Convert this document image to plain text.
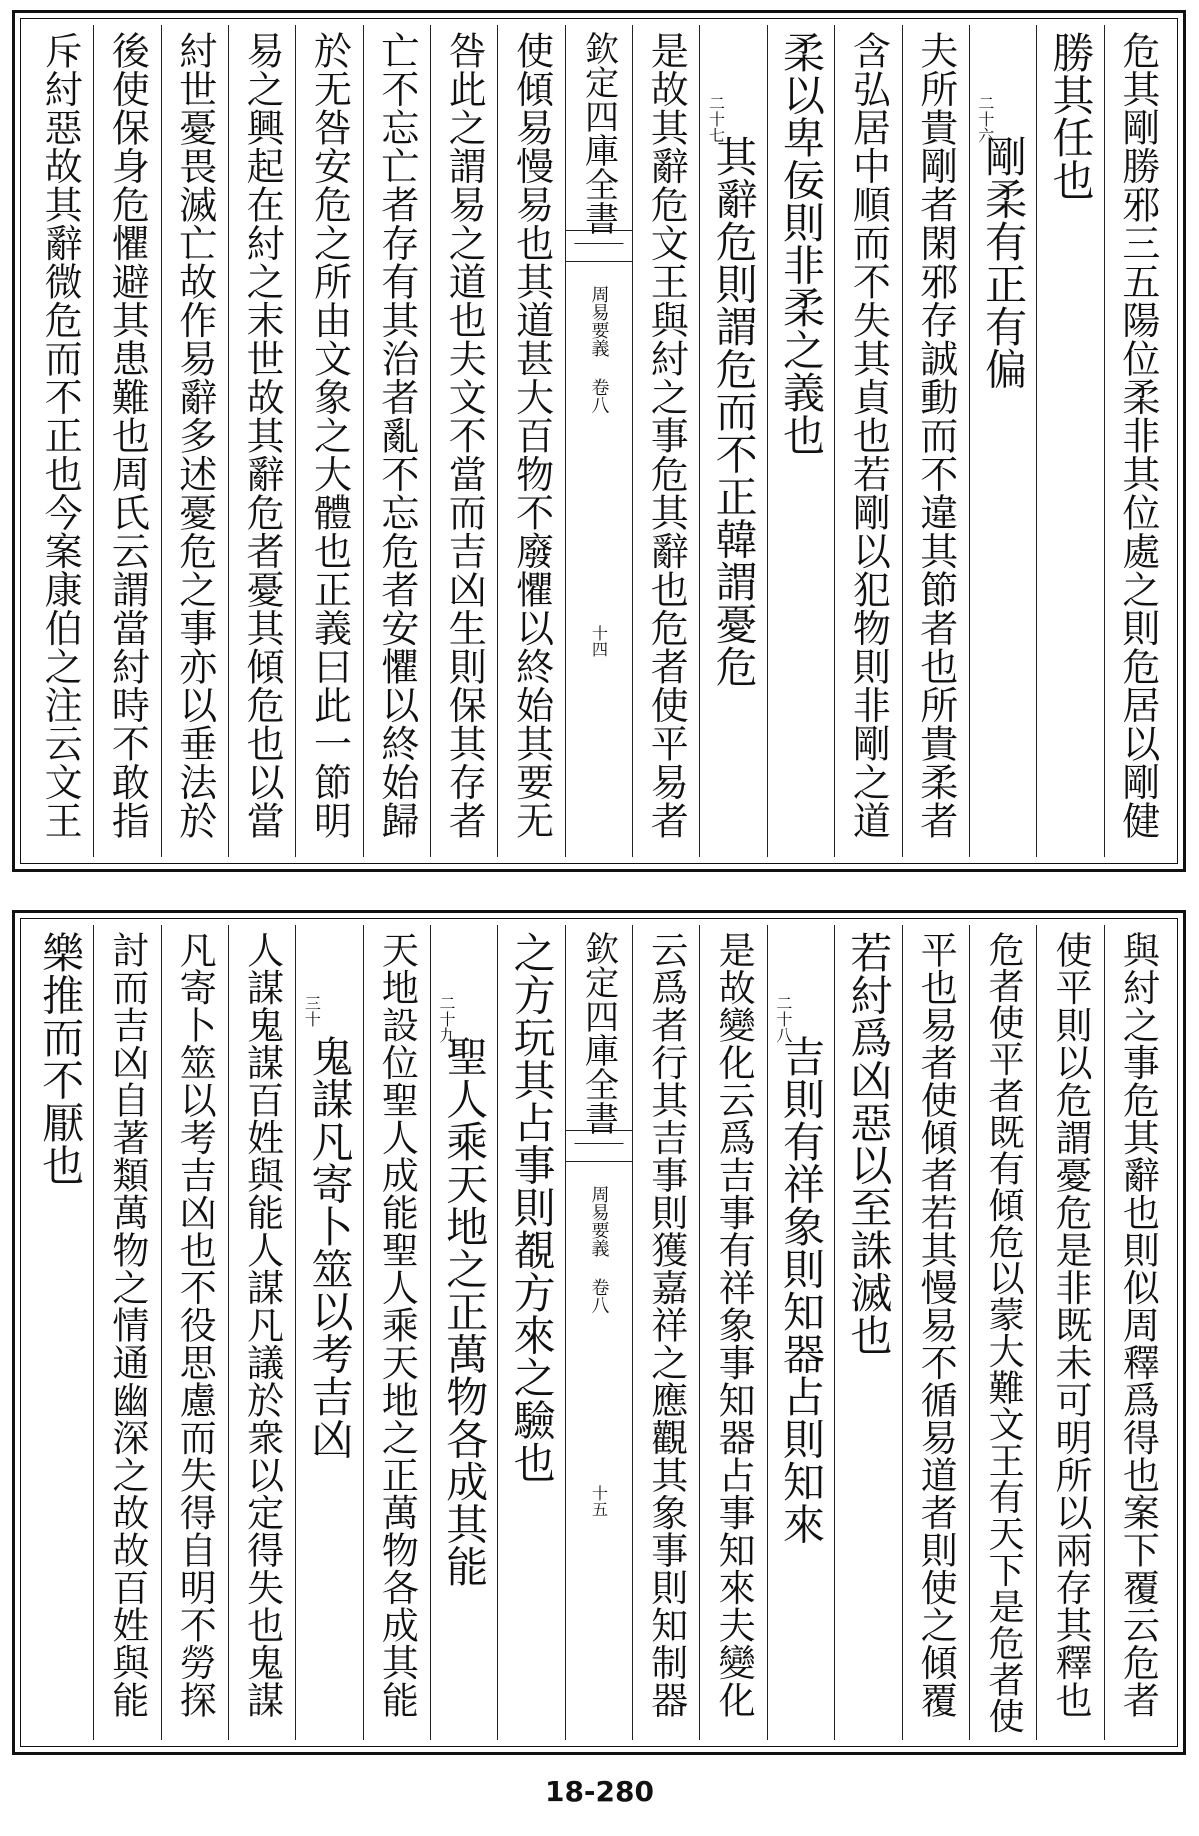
危其剛勝邪三五陽位柔非其位處之則危居以剛健
勝其任也
二十六
剛柔有正有偏
夫所貴剛者閑邪存誠動而不違其節者也所貴柔者
含弘居中順而不失其貞也若剛以犯物則非剛之道
柔以卑佞則非柔之義也
二十七
其辭危則謂危而不正韓謂憂危
是故其辭危文王與紂之事危其辭也危者使平易者
欽定四庫全書
周易要義 卷八
十四
使傾易慢易也其道甚大百物不廢懼以終始其要无
咎此之謂易之道也夫文不當而吉凶生則保其存者
亡不忘亡者存有其治者亂不忘危者安懼以終始歸
於无咎安危之所由文象之大體也正義曰此一節明
易之興起在紂之末世故其辭危者憂其傾危也以當
紂世憂畏滅亡故作易辭多述憂危之事亦以垂法於
後使保身危懼避其患難也周氏云謂當紂時不敢指
斥紂惡故其辭微危而不正也今案康伯之注云文王
與紂之事危其辭也則似周釋爲得也案下覆云危者
使平則以危謂憂危是非既未可明所以兩存其釋也
危者使平者既有傾危以蒙大難文王有天下是危者使
平也易者使傾者若其慢易不循易道者則使之傾覆
若紂爲凶惡以至誅滅也
二十八
吉則有祥象則知器占則知來
是故變化云爲吉事有祥象事知器占事知來夫變化
云爲者行其吉事則獲嘉祥之應觀其象事則知制器
欽定四庫全書
周易要義 卷八
十五
之方玩其占事則覩方來之驗也
二十九
聖人乘天地之正萬物各成其能
天地設位聖人成能聖人乘天地之正萬物各成其能
三十
鬼謀凡寄卜筮以考吉凶
人謀鬼謀百姓與能人謀凡議於衆以定得失也鬼謀
凡寄卜筮以考吉凶也不役思慮而失得自明不勞探
討而吉凶自著類萬物之情通幽深之故故百姓與能
樂推而不厭也
18-280
